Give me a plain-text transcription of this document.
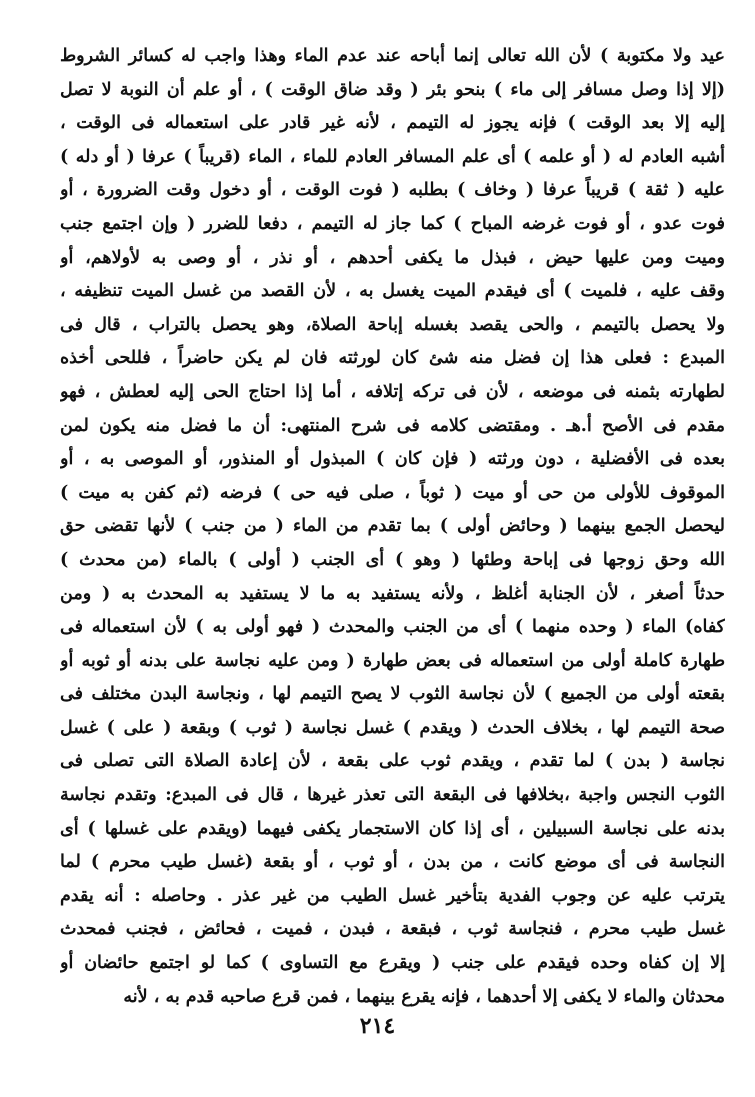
عيد ولا مكتوبة ) لأن الله تعالى إنما أباحه عند عدم الماء وهذا واجب له كسائر الشروط
(إلا إذا وصل مسافر إلى ماء ) بنحو بئر ( وقد ضاق الوقت ) ، أو علم أن النوبة لا تصل
إليه إلا بعد الوقت ) فإنه يجوز له التيمم ، لأنه غير قادر على استعماله فى الوقت ،
أشبه العادم له ( أو علمه ) أى علم المسافر العادم للماء ، الماء (قريباً ) عرفا ( أو دله )
عليه ( ثقة ) قريباً عرفا ( وخاف ) بطلبه ( فوت الوقت ، أو دخول وقت الضرورة ، أو
فوت عدو ، أو فوت غرضه المباح ) كما جاز له التيمم ، دفعا للضرر ( وإن اجتمع جنب
وميت ومن عليها حيض ، فبذل ما يكفى أحدهم ، أو نذر ، أو وصى به لأولاهم، أو
وقف عليه ، فلميت ) أى فيقدم الميت يغسل به ، لأن القصد من غسل الميت تنظيفه ،
ولا يحصل بالتيمم ، والحى يقصد بغسله إباحة الصلاة، وهو يحصل بالتراب ، قال فى
المبدع : فعلى هذا إن فضل منه شئ كان لورثته فان لم يكن حاضراً ، فللحى أخذه
لطهارته بثمنه فى موضعه ، لأن فى تركه إتلافه ، أما إذا احتاج الحى إليه لعطش ، فهو
مقدم فى الأصح أ.هـ . ومقتضى كلامه فى شرح المنتهى: أن ما فضل منه يكون لمن
بعده فى الأفضلية ، دون ورثته ( فإن كان ) المبذول أو المنذور، أو الموصى به ، أو
الموقوف للأولى من حى أو ميت ( ثوباً ، صلى فيه حى ) فرضه (ثم كفن به ميت )
ليحصل الجمع بينهما ( وحائض أولى ) بما تقدم من الماء ( من جنب ) لأنها تقضى حق
الله وحق زوجها فى إباحة وطئها ( وهو ) أى الجنب ( أولى ) بالماء (من محدث )
حدثاً أصغر ، لأن الجنابة أغلظ ، ولأنه يستفيد به ما لا يستفيد به المحدث به ( ومن
كفاه) الماء ( وحده منهما ) أى من الجنب والمحدث ( فهو أولى به ) لأن استعماله فى
طهارة كاملة أولى من استعماله فى بعض طهارة ( ومن عليه نجاسة على بدنه أو ثوبه أو
بقعته أولى من الجميع ) لأن نجاسة الثوب لا يصح التيمم لها ، ونجاسة البدن مختلف فى
صحة التيمم لها ، بخلاف الحدث ( ويقدم ) غسل نجاسة ( ثوب ) وبقعة ( على ) غسل
نجاسة ( بدن ) لما تقدم ، ويقدم ثوب على بقعة ، لأن إعادة الصلاة التى تصلى فى
الثوب النجس واجبة ،بخلافها فى البقعة التى تعذر غيرها ، قال فى المبدع: وتقدم نجاسة
بدنه على نجاسة السبيلين ، أى إذا كان الاستجمار يكفى فيهما (ويقدم على غسلها ) أى
النجاسة فى أى موضع كانت ، من بدن ، أو ثوب ، أو بقعة (غسل طيب محرم ) لما
يترتب عليه عن وجوب الفدية بتأخير غسل الطيب من غير عذر . وحاصله : أنه يقدم
غسل طيب محرم ، فنجاسة ثوب ، فبقعة ، فبدن ، فميت ، فحائض ، فجنب فمحدث
إلا إن كفاه وحده فيقدم على جنب ( ويقرع مع التساوى ) كما لو اجتمع حائضان أو
محدثان والماء لا يكفى إلا أحدهما ، فإنه يقرع بينهما ، فمن قرع صاحبه قدم به ، لأنه
٢١٤
